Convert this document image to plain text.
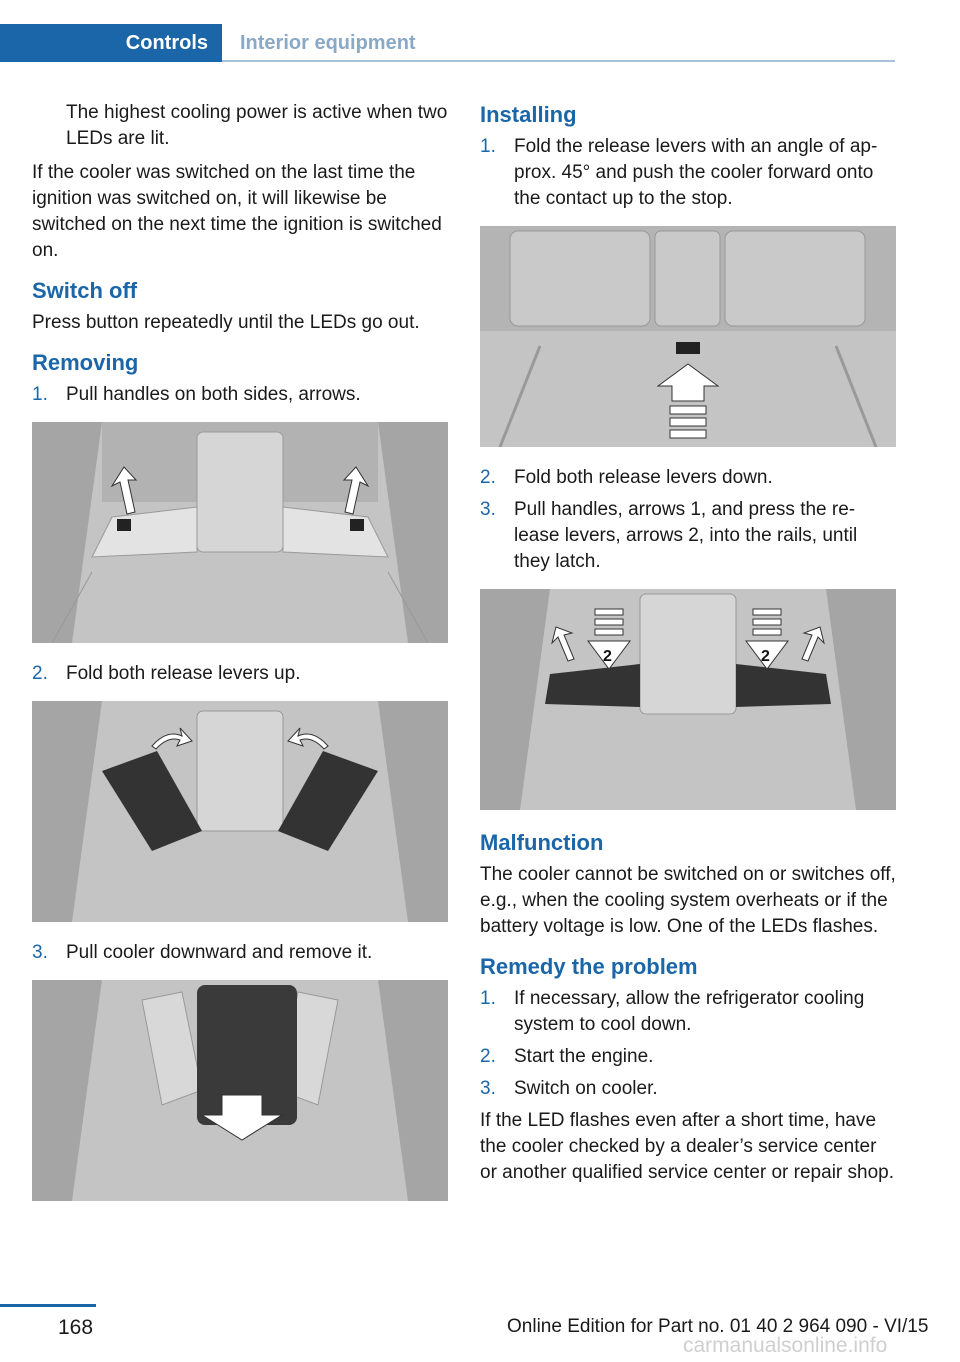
Controls	Interior equipment

The highest cooling power is active when two LEDs are lit.

If the cooler was switched on the last time the ignition was switched on, it will likewise be switched on the next time the ignition is switched on.

Switch off

Press button repeatedly until the LEDs go out.

Removing
1. Pull handles on both sides, arrows.
2. Fold both release levers up.
3. Pull cooler downward and remove it.
Installing
1. Fold the release levers with an angle of ap‐prox. 45° and push the cooler forward onto the contact up to the stop.
2. Fold both release levers down.
3. Pull handles, arrows 1, and press the re‐lease levers, arrows 2, into the rails, until they latch.
2	2
Malfunction

The cooler cannot be switched on or switches off, e.g., when the cooling system overheats or if the battery voltage is low. One of the LEDs flashes.

Remedy the problem
1. If necessary, allow the refrigerator cooling system to cool down.
2. Start the engine.
3. Switch on cooler.

If the LED flashes even after a short time, have the cooler checked by a dealer’s service center or another qualified service center or repair shop.

168	Online Edition for Part no. 01 40 2 964 090 - VI/15
carmanualsonline.info
